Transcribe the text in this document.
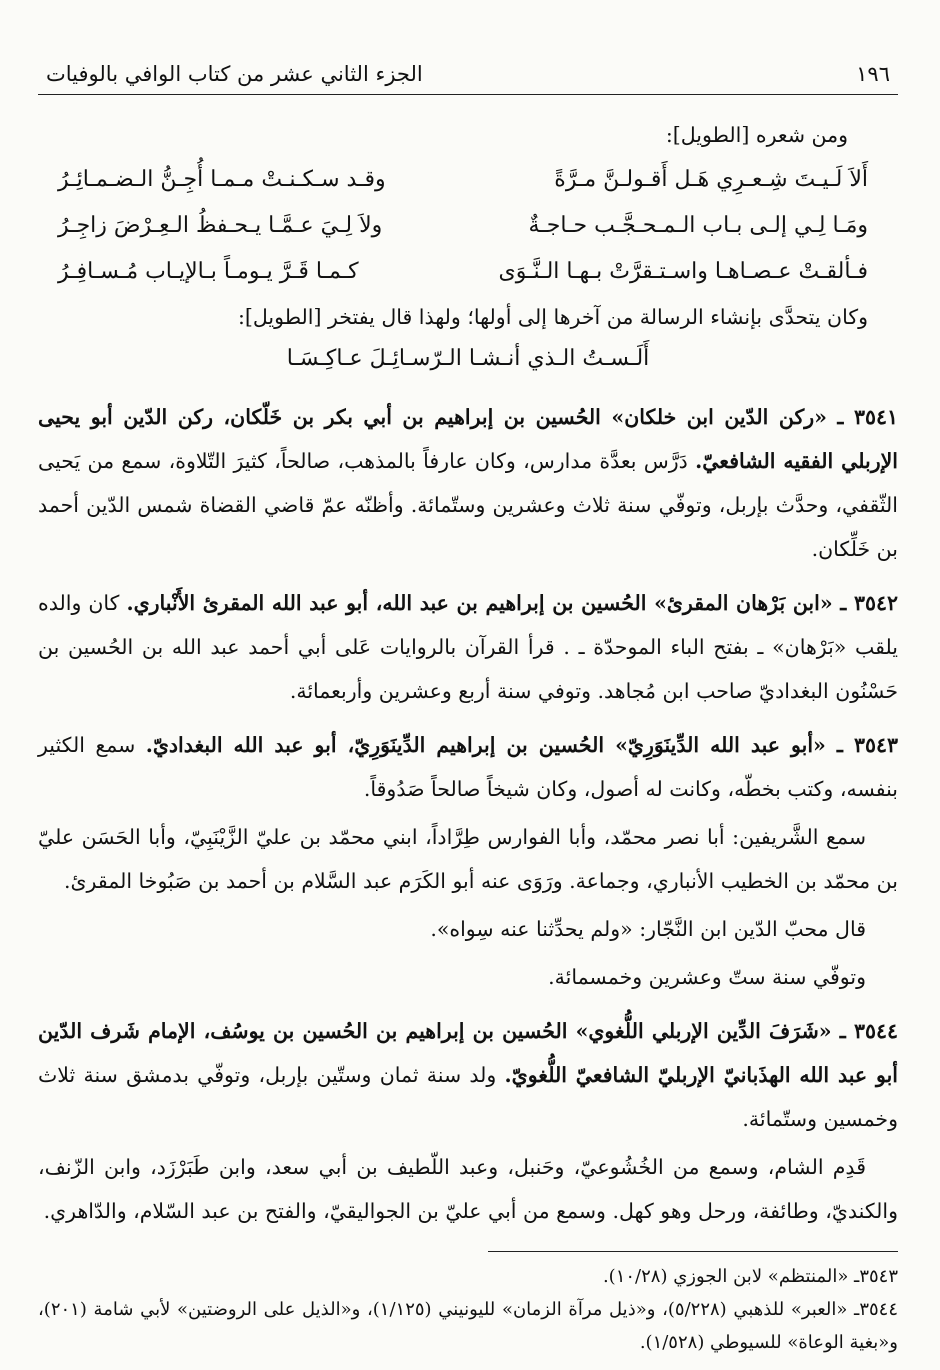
١٩٦
الجزء الثاني عشر من كتاب الوافي بالوفيات

ومن شعره [الطويل]:

أَلاَ لَـيـتَ شِـعـرِي هَـل أَقـولـنَّ مـرَّةً
وقـد سـكـنـتْ مـمـا أُجِـنُّ الـضـمـائِـرُ
ومَـا لِـي إلـى بـاب الـمـحـجَّـب حـاجـةٌ
ولاَ لِـيَ عـمَّـا يـحـفظُ الـعِـرْضَ زاجِـرُ
فـألقـتْ عـصـاهـا واسـتـقرَّتْ بـهـا الـنَّـوَى
كـمـا قَـرَّ يـومـاً بـالإيـاب مُـسـافِـرُ

وكان يتحدَّى بإنشاء الرسالة من آخرها إلى أولها؛ ولهذا قال يفتخر [الطويل]:

أَلَـسـتُ الـذي أنـشـا الـرّسـائِـلَ عـاكِـسَـا

٣٥٤١ ـ «ركن الدّين ابن خلكان» الحُسين بن إبراهيم بن أبي بكر بن خَلّكان، ركن الدّين أبو يحيى الإربلي الفقيه الشافعيّ. دَرَّس بعدَّة مدارس، وكان عارفاً بالمذهب، صالحاً، كثيرَ التّلاوة، سمع من يَحيى الثّقفي، وحدَّث بإربل، وتوفّي سنة ثلاث وعشرين وستّمائة. وأظنّه عمّ قاضي القضاة شمس الدّين أحمد بن خَلِّكان.

٣٥٤٢ ـ «ابن بَرْهان المقرئ» الحُسين بن إبراهيم بن عبد الله، أبو عبد الله المقرئ الأَنْباري. كان والده يلقب «بَرْهان» ـ بفتح الباء الموحدّة ـ . قرأ القرآن بالروايات عَلى أبي أحمد عبد الله بن الحُسين بن حَسْنُون البغداديّ صاحب ابن مُجاهد. وتوفي سنة أربع وعشرين وأربعمائة.

٣٥٤٣ ـ «أبو عبد الله الدِّينَوَرِيّ» الحُسين بن إبراهيم الدِّينَوَرِيّ، أبو عبد الله البغداديّ. سمع الكثير بنفسه، وكتب بخطّه، وكانت له أصول، وكان شيخاً صالحاً صَدُوقاً.

سمع الشَّريفين: أبا نصر محمّد، وأبا الفوارس طِرَّاداً، ابني محمّد بن عليّ الزَّيْنَبِيّ، وأبا الحَسَن عليّ بن محمّد بن الخطيب الأنباري، وجماعة. ورَوَى عنه أبو الكَرَم عبد السَّلام بن أحمد بن صَبُوخا المقرئ.

قال محبّ الدّين ابن النَّجّار: «ولم يحدِّثنا عنه سِواه».

وتوفّي سنة ستّ وعشرين وخمسمائة.

٣٥٤٤ ـ «شَرَفَ الدِّين الإربلي اللُّغوي» الحُسين بن إبراهيم بن الحُسين بن يوسُف، الإمام شَرف الدّين أبو عبد الله الهذَبانيّ الإربليّ الشافعيّ اللُّغويّ. ولد سنة ثمان وستّين بإربل، وتوفّي بدمشق سنة ثلاث وخمسين وستّمائة.

قَدِم الشام، وسمع من الخُشُوعيّ، وحَنبل، وعبد اللّطيف بن أبي سعد، وابن طَبَرْزَد، وابن الزّنف، والكنديّ، وطائفة، ورحل وهو كهل. وسمع من أبي عليّ بن الجواليقيّ، والفتح بن عبد السّلام، والدّاهري.

٣٥٤٣ـ «المنتظم» لابن الجوزي (١٠/٢٨).

٣٥٤٤ـ «العبر» للذهبي (٥/٢٢٨)، و«ذيل مرآة الزمان» لليونيني (١/١٢٥)، و«الذيل على الروضتين» لأبي شامة (٢٠١)، و«بغية الوعاة» للسيوطي (١/٥٢٨).
